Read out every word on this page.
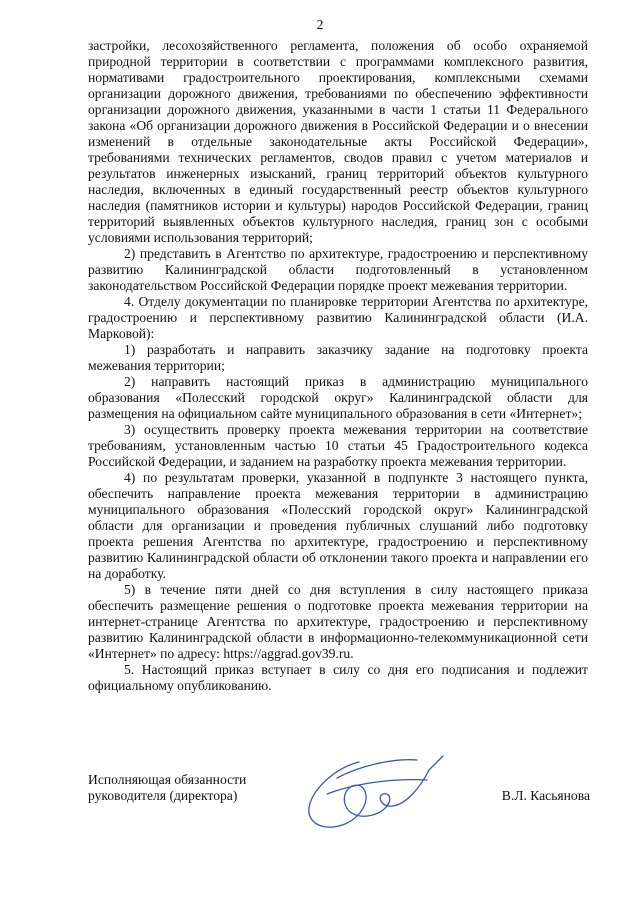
2

застройки, лесохозяйственного регламента, положения об особо охраняемой природной территории в соответствии с программами комплексного развития, нормативами градостроительного проектирования, комплексными схемами организации дорожного движения, требованиями по обеспечению эффективности организации дорожного движения, указанными в части 1 статьи 11 Федерального закона «Об организации дорожного движения в Российской Федерации и о внесении изменений в отдельные законодательные акты Российской Федерации», требованиями технических регламентов, сводов правил с учетом материалов и результатов инженерных изысканий, границ территорий объектов культурного наследия, включенных в единый государственный реестр объектов культурного наследия (памятников истории и культуры) народов Российской Федерации, границ территорий выявленных объектов культурного наследия, границ зон с особыми условиями использования территорий;

2) представить в Агентство по архитектуре, градостроению и перспективному развитию Калининградской области подготовленный в установленном законодательством Российской Федерации порядке проект межевания территории.

4. Отделу документации по планировке территории Агентства по архитектуре, градостроению и перспективному развитию Калининградской области (И.А. Марковой):

1) разработать и направить заказчику задание на подготовку проекта межевания территории;

2) направить настоящий приказ в администрацию муниципального образования «Полесский городской округ» Калининградской области для размещения на официальном сайте муниципального образования в сети «Интернет»;

3) осуществить проверку проекта межевания территории на соответствие требованиям, установленным частью 10 статьи 45 Градостроительного кодекса Российской Федерации, и заданием на разработку проекта межевания территории.

4) по результатам проверки, указанной в подпункте 3 настоящего пункта, обеспечить направление проекта межевания территории в администрацию муниципального образования «Полесский городской округ» Калининградской области для организации и проведения публичных слушаний либо подготовку проекта решения Агентства по архитектуре, градостроению и перспективному развитию Калининградской области об отклонении такого проекта и направлении его на доработку.

5) в течение пяти дней со дня вступления в силу настоящего приказа обеспечить размещение решения о подготовке проекта межевания территории на интернет-странице Агентства по архитектуре, градостроению и перспективному развитию Калининградской области в информационно-телекоммуникационной сети «Интернет» по адресу: https://aggrad.gov39.ru.

5. Настоящий приказ вступает в силу со дня его подписания и подлежит официальному опубликованию.

Исполняющая обязанности
руководителя (директора)	В.Л. Касьянова
